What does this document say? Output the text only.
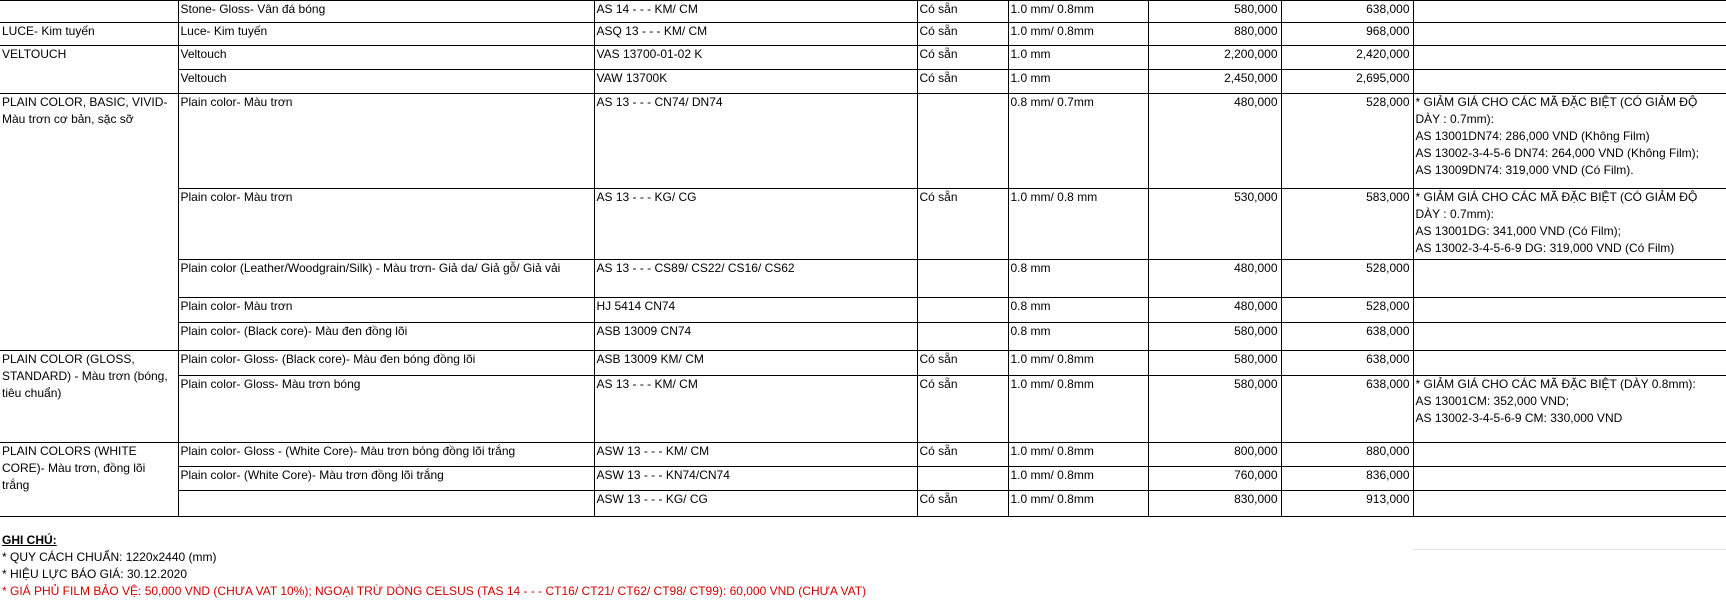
	Stone- Gloss- Vân đá bóng	AS 14 - - - KM/ CM	Có sẵn	1.0 mm/ 0.8mm	580,000	638,000	
LUCE- Kim tuyến	Luce- Kim tuyến	ASQ 13 - - - KM/ CM	Có sẵn	1.0 mm/ 0.8mm	880,000	968,000	
VELTOUCH	Veltouch	VAS 13700-01-02 K	Có sẵn	1.0 mm	2,200,000	2,420,000	
	Veltouch	VAW 13700K	Có sẵn	1.0 mm	2,450,000	2,695,000	
PLAIN COLOR, BASIC, VIVID- Màu trơn cơ bản, sặc sỡ	Plain color- Màu trơn	AS 13 - - - CN74/ DN74		0.8 mm/ 0.7mm	480,000	528,000	* GIẢM GIÁ CHO CÁC MÃ ĐẶC BIỆT (CÓ GIẢM ĐỘ DÀY : 0.7mm):
AS 13001DN74: 286,000 VND (Không Film)
AS 13002-3-4-5-6 DN74: 264,000 VND (Không Film);
AS 13009DN74: 319,000 VND (Có Film).
	Plain color- Màu trơn	AS 13 - - - KG/ CG	Có sẵn	1.0 mm/ 0.8 mm	530,000	583,000	* GIẢM GIÁ CHO CÁC MÃ ĐẶC BIỆT (CÓ GIẢM ĐỘ DÀY : 0.7mm):
AS 13001DG: 341,000 VND (Có Film);
AS 13002-3-4-5-6-9 DG: 319,000 VND (Có Film)
	Plain color (Leather/Woodgrain/Silk) - Màu trơn- Giả da/ Giả gỗ/ Giả vải	AS 13 - - - CS89/ CS22/ CS16/ CS62		0.8 mm	480,000	528,000	
	Plain color- Màu trơn	HJ 5414 CN74		0.8 mm	480,000	528,000	
	Plain color- (Black core)- Màu đen đồng lõi	ASB 13009 CN74		0.8 mm	580,000	638,000	
PLAIN COLOR (GLOSS, STANDARD) - Màu trơn (bóng, tiêu chuẩn)	Plain color- Gloss- (Black core)- Màu đen bóng đồng lõi	ASB 13009 KM/ CM	Có sẵn	1.0 mm/ 0.8mm	580,000	638,000	
	Plain color- Gloss- Màu trơn bóng	AS 13 - - - KM/ CM	Có sẵn	1.0 mm/ 0.8mm	580,000	638,000	* GIẢM GIÁ CHO CÁC MÃ ĐẶC BIỆT (DÀY 0.8mm):
AS 13001CM: 352,000 VND;
AS 13002-3-4-5-6-9 CM: 330,000 VND
PLAIN COLORS (WHITE CORE)- Màu trơn, đồng lõi trắng	Plain color- Gloss - (White Core)- Màu trơn bóng đồng lõi trắng	ASW 13 - - - KM/ CM	Có sẵn	1.0 mm/ 0.8mm	800,000	880,000	
	Plain color- (White Core)- Màu trơn đồng lõi trắng	ASW 13 - - - KN74/CN74		1.0 mm/ 0.8mm	760,000	836,000	
		ASW 13 - - - KG/ CG	Có sẵn	1.0 mm/ 0.8mm	830,000	913,000	
GHI CHÚ:
* QUY CÁCH CHUẨN: 1220x2440 (mm)
* HIỆU LỰC BÁO GIÁ: 30.12.2020
* GIÁ PHỦ FILM BẢO VỆ: 50,000 VND (CHƯA VAT 10%); NGOẠI TRỪ DÒNG CELSUS (TAS 14 - - - CT16/ CT21/ CT62/ CT98/ CT99): 60,000 VND (CHƯA VAT)
